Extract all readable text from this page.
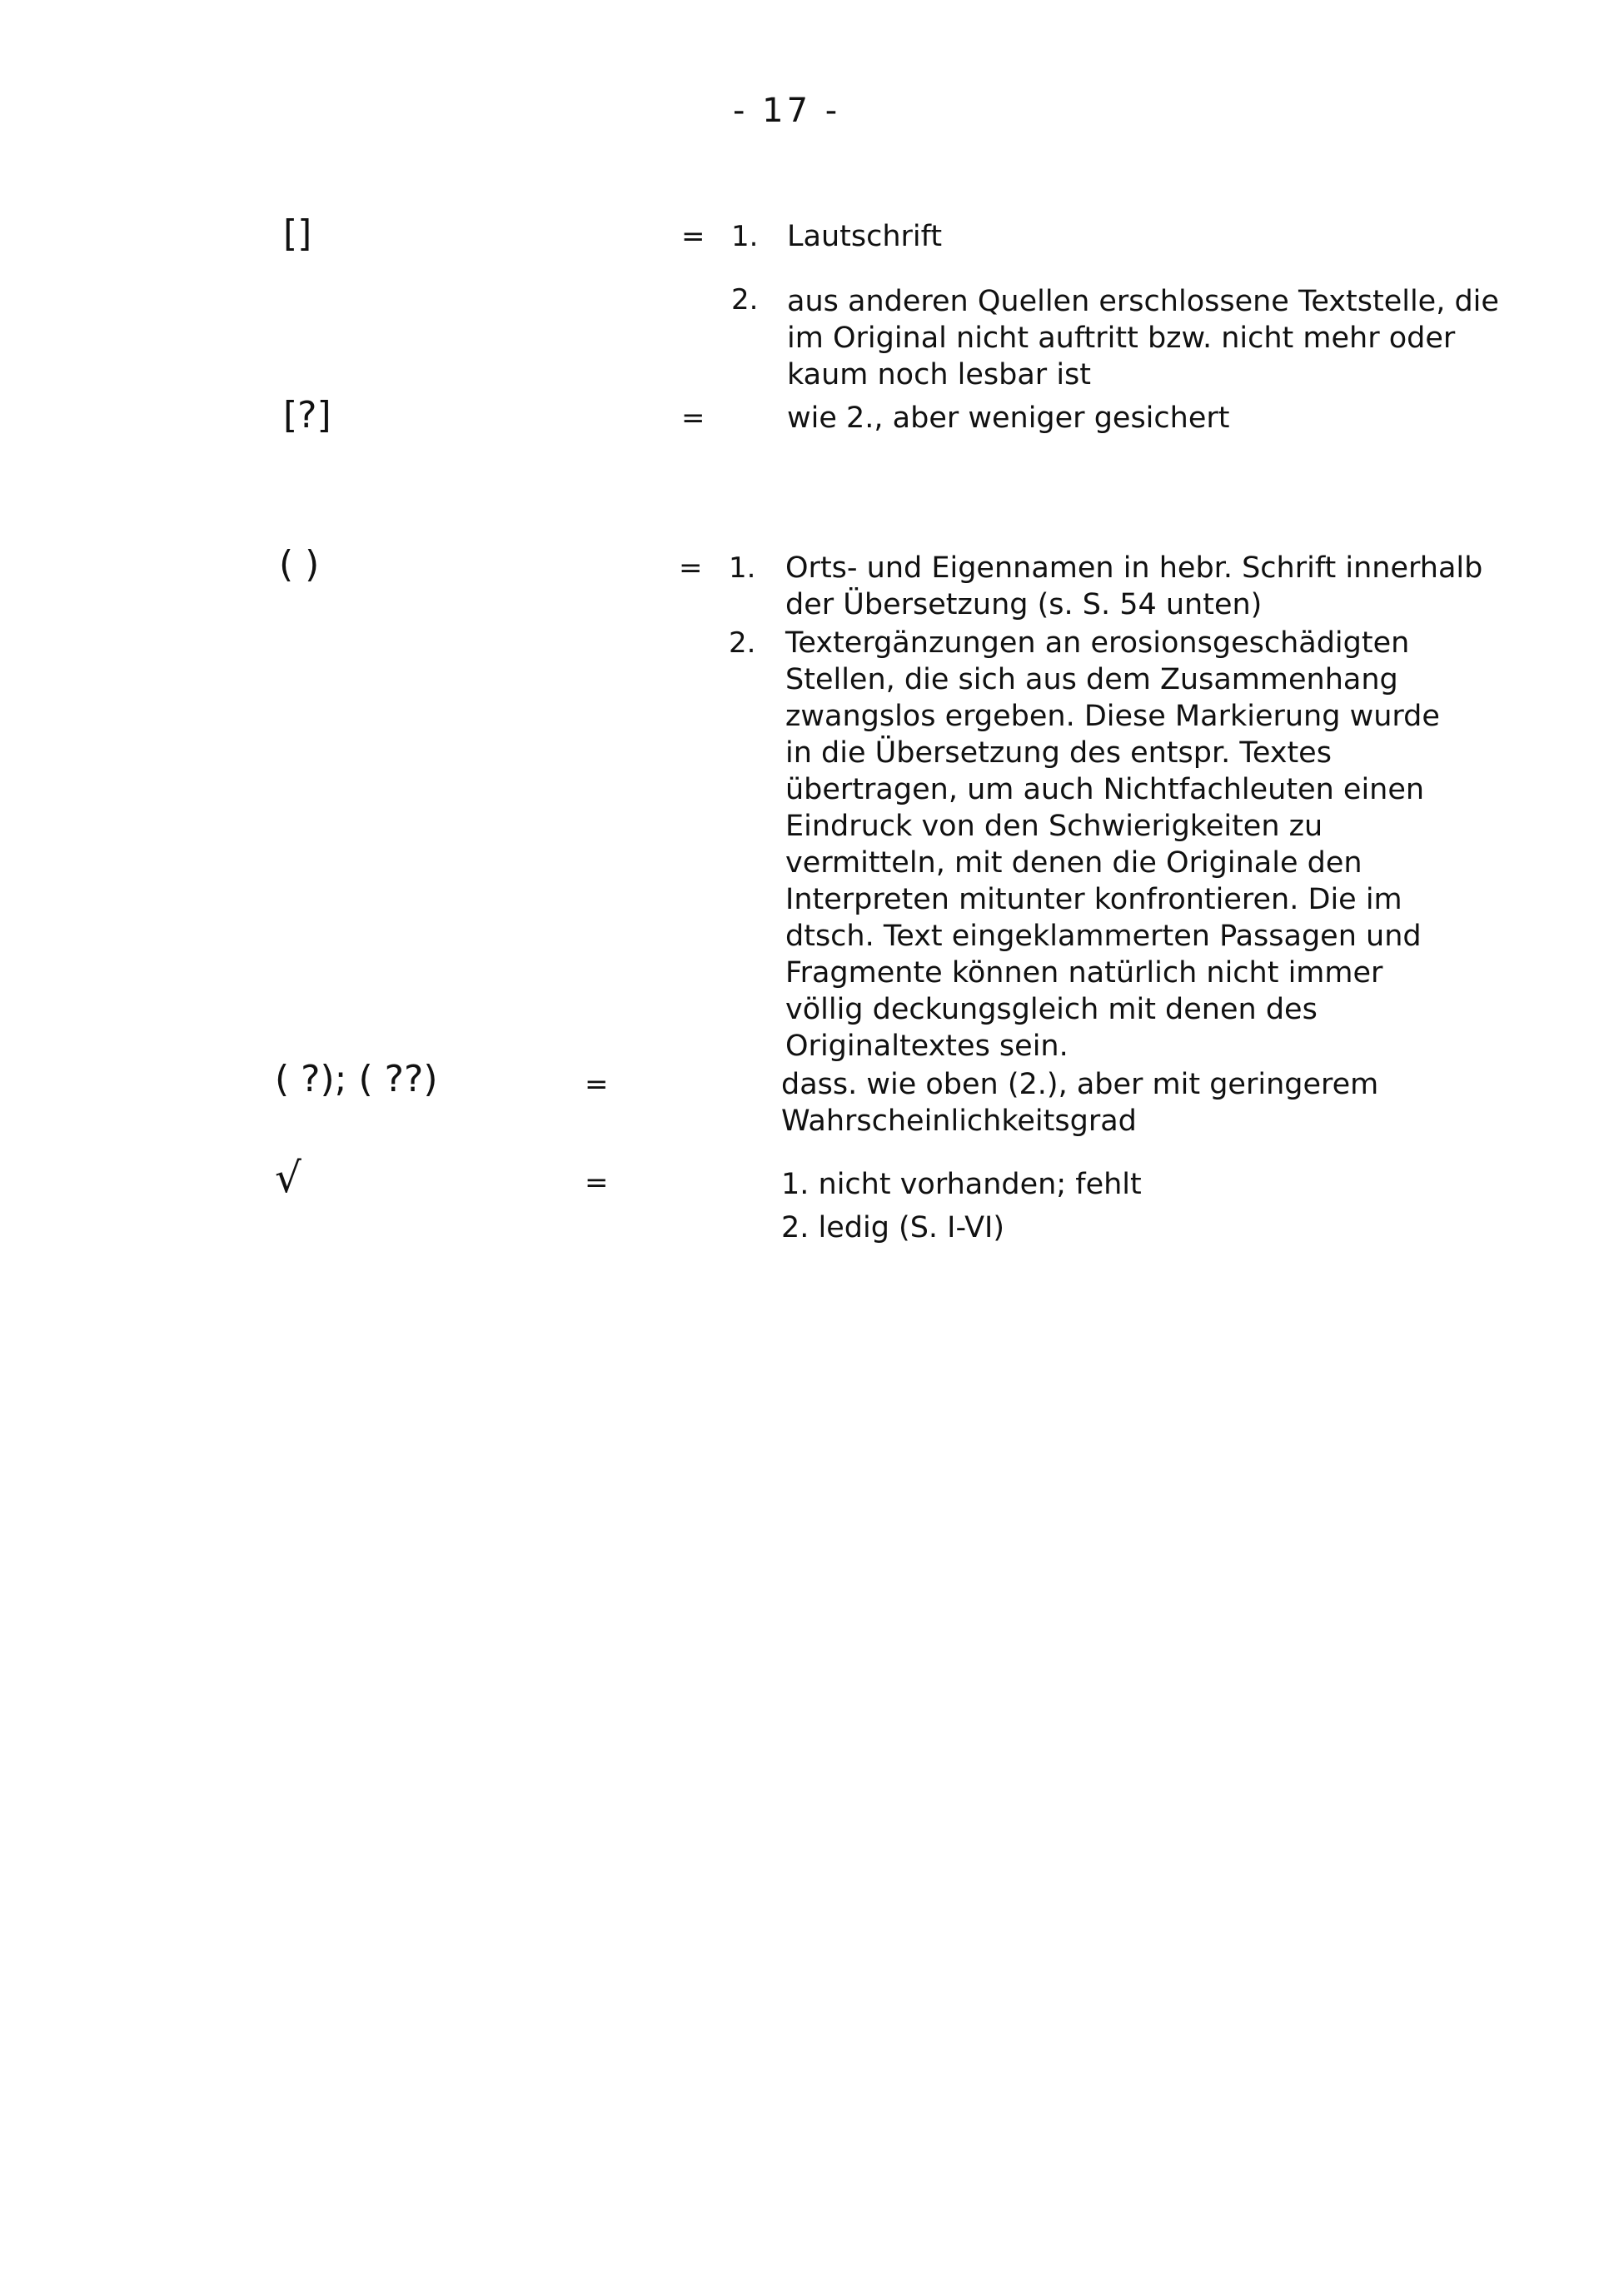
- 17 -
[]	= 1. Lautschrift
2. aus anderen Quellen erschlossene Textstelle, die im Original nicht auftritt bzw. nicht mehr oder kaum noch lesbar ist
[?]	=	wie 2., aber weniger gesichert
( )	= 1. Orts- und Eigennamen in hebr. Schrift innerhalb der Übersetzung (s. S. 54 unten)
2. Textergänzungen an erosionsgeschädigten Stellen, die sich aus dem Zusammenhang zwangslos ergeben. Diese Markierung wurde in die Übersetzung des entspr. Textes übertragen, um auch Nichtfachleuten einen Eindruck von den Schwierigkeiten zu vermitteln, mit denen die Originale den Interpreten mitunter konfrontieren. Die im dtsch. Text eingeklammerten Passagen und Fragmente können natürlich nicht immer völlig deckungsgleich mit denen des Originaltextes sein.
( ?); ( ??)	=	dass. wie oben (2.), aber mit geringerem Wahrscheinlichkeitsgrad
√	=	1. nicht vorhanden; fehlt
2. ledig (S. I-VI)
